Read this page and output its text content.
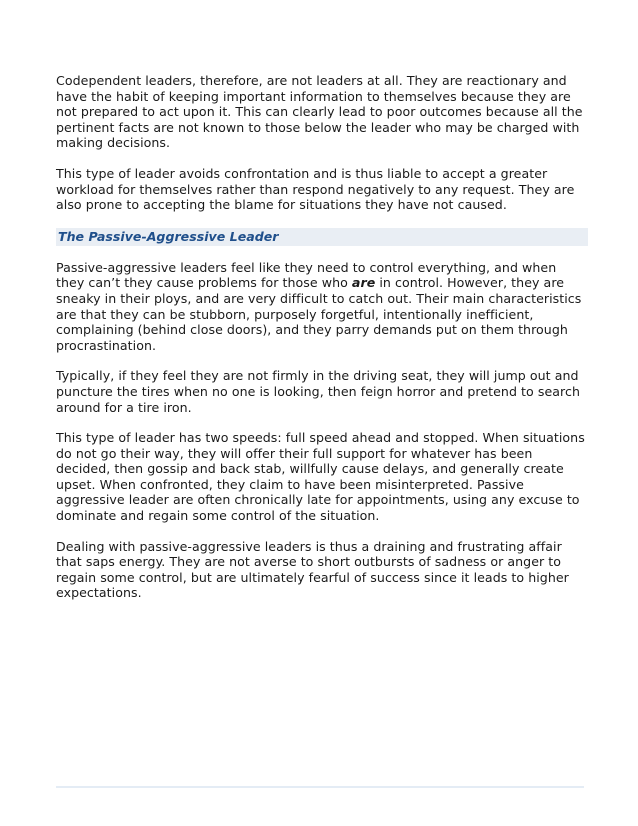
Codependent leaders, therefore, are not leaders at all. They are reactionary and have the habit of keeping important information to themselves because they are not prepared to act upon it. This can clearly lead to poor outcomes because all the pertinent facts are not known to those below the leader who may be charged with making decisions.

This type of leader avoids confrontation and is thus liable to accept a greater workload for themselves rather than respond negatively to any request. They are also prone to accepting the blame for situations they have not caused.

The Passive-Aggressive Leader

Passive-aggressive leaders feel like they need to control everything, and when they can’t they cause problems for those who are in control. However, they are sneaky in their ploys, and are very difficult to catch out. Their main characteristics are that they can be stubborn, purposely forgetful, intentionally inefficient, complaining (behind close doors), and they parry demands put on them through procrastination.

Typically, if they feel they are not firmly in the driving seat, they will jump out and puncture the tires when no one is looking, then feign horror and pretend to search around for a tire iron.

This type of leader has two speeds: full speed ahead and stopped. When situations do not go their way, they will offer their full support for whatever has been decided, then gossip and back stab, willfully cause delays, and generally create upset. When confronted, they claim to have been misinterpreted. Passive aggressive leader are often chronically late for appointments, using any excuse to dominate and regain some control of the situation.

Dealing with passive-aggressive leaders is thus a draining and frustrating affair that saps energy. They are not averse to short outbursts of sadness or anger to regain some control, but are ultimately fearful of success since it leads to higher expectations.
